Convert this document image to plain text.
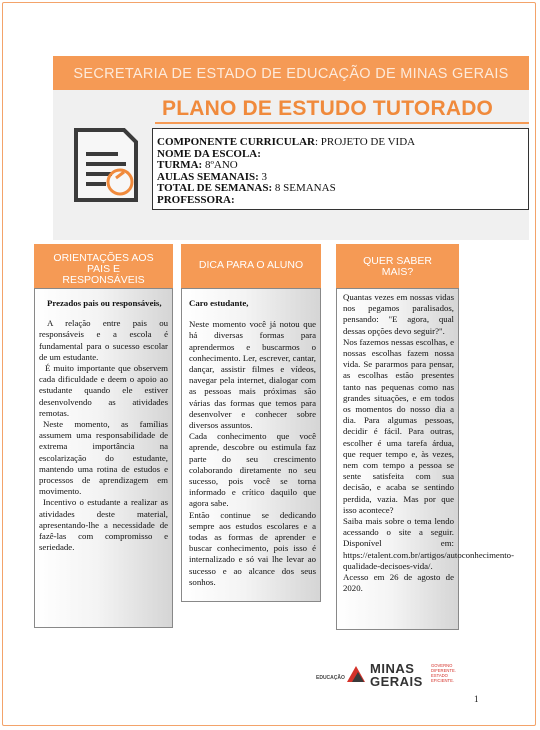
SECRETARIA DE ESTADO DE EDUCAÇÃO DE MINAS GERAIS
PLANO DE ESTUDO TUTORADO
COMPONENTE CURRICULAR: PROJETO DE VIDA
NOME DA ESCOLA:
TURMA: 8ºANO
AULAS SEMANAIS: 3
TOTAL DE SEMANAS: 8 SEMANAS
PROFESSORA:
ORIENTAÇÕES AOS
PAIS E
RESPONSÁVEIS

Prezados pais ou responsáveis,

A relação entre pais ou responsáveis e a escola é fundamental para o sucesso escolar de um estudante.

É muito importante que observem cada dificuldade e deem o apoio ao estudante quando ele estiver desenvolvendo as atividades remotas.

Neste momento, as famílias assumem uma responsabilidade de extrema importância na escolarização do estudante, mantendo uma rotina de estudos e processos de aprendizagem em movimento.

Incentivo o estudante a realizar as atividades deste material, apresentando-lhe a necessidade de fazê-las com compromisso e seriedade.

DICA PARA O ALUNO

Caro estudante,

Neste momento você já notou que há diversas formas para aprendermos e buscarmos o conhecimento. Ler, escrever, cantar, dançar, assistir filmes e vídeos, navegar pela internet, dialogar com as pessoas mais próximas são várias das formas que temos para desenvolver e conhecer sobre diversos assuntos.

Cada conhecimento que você aprende, descobre ou estimula faz parte do seu crescimento colaborando diretamente no seu sucesso, pois você se torna informado e crítico daquilo que agora sabe.

Então continue se dedicando sempre aos estudos escolares e a todas as formas de aprender e buscar conhecimento, pois isso é internalizado e só vai lhe levar ao sucesso e ao alcance dos seus sonhos.

QUER SABER
MAIS?

Quantas vezes em nossas vidas nos pegamos paralisados, pensando: "E agora, qual dessas opções devo seguir?".

Nos fazemos nessas escolhas, e nossas escolhas fazem nossa vida. Se pararmos para pensar, as escolhas estão presentes tanto nas pequenas como nas grandes situações, e em todos os momentos do nosso dia a dia. Para algumas pessoas, decidir é fácil. Para outras, escolher é uma tarefa árdua, que requer tempo e, às vezes, nem com tempo a pessoa se sente satisfeita com sua decisão, e acaba se sentindo perdida, vazia. Mas por que isso acontece?

Saiba mais sobre o tema lendo acessando o site a seguir. Disponível em: https://etalent.com.br/artigos/autoconhecimento-qualidade-decisoes-vida/. Acesso em 26 de agosto de 2020.

EDUCAÇÃO
MINAS
GERAIS
GOVERNO
DIFERENTE.
ESTADO
EFICIENTE.
1
